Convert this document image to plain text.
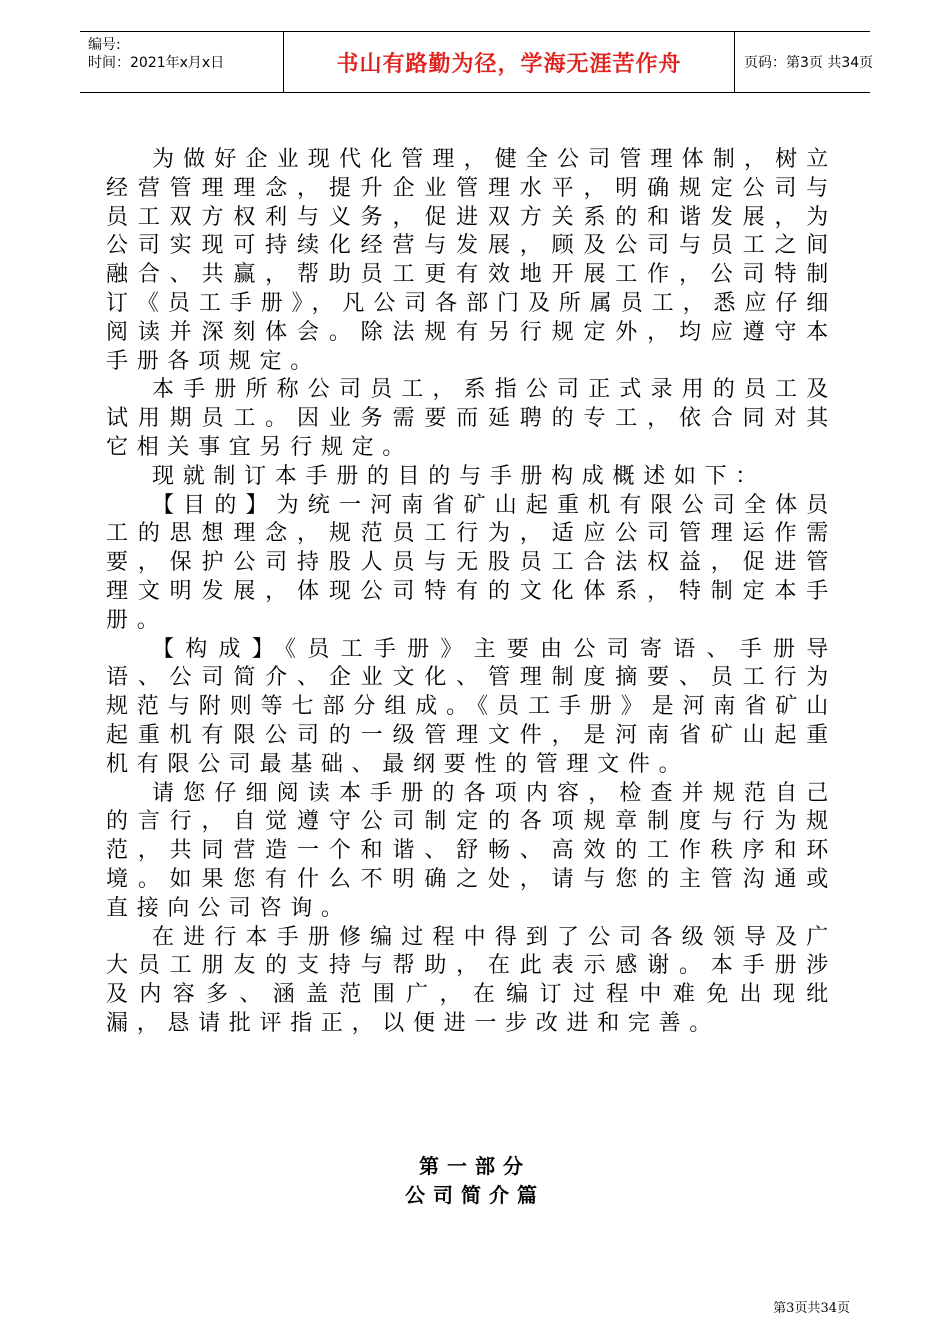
编号:
时间：2021年x月x日	书山有路勤为径，学海无涯苦作舟	页码：第3页 共34页

为做好企业现代化管理，健全公司管理体制，树立经营管理理念，提升企业管理水平，明确规定公司与员工双方权利与义务，促进双方关系的和谐发展，为公司实现可持续化经营与发展，顾及公司与员工之间融合、共赢，帮助员工更有效地开展工作，公司特制订《员工手册》，凡公司各部门及所属员工，悉应仔细阅读并深刻体会。除法规有另行规定外，均应遵守本手册各项规定。

本手册所称公司员工，系指公司正式录用的员工及试用期员工。因业务需要而延聘的专工，依合同对其它相关事宜另行规定。

现就制订本手册的目的与手册构成概述如下：

【目的】为统一河南省矿山起重机有限公司全体员工的思想理念，规范员工行为，适应公司管理运作需要，保护公司持股人员与无股员工合法权益，促进管理文明发展，体现公司特有的文化体系，特制定本手册。

【构成】《员工手册》主要由公司寄语、手册导语、公司简介、企业文化、管理制度摘要、员工行为规范与附则等七部分组成。《员工手册》是河南省矿山起重机有限公司的一级管理文件，是河南省矿山起重机有限公司最基础、最纲要性的管理文件。

请您仔细阅读本手册的各项内容，检查并规范自己的言行，自觉遵守公司制定的各项规章制度与行为规范，共同营造一个和谐、舒畅、高效的工作秩序和环境。如果您有什么不明确之处，请与您的主管沟通或直接向公司咨询。

在进行本手册修编过程中得到了公司各级领导及广大员工朋友的支持与帮助，在此表示感谢。本手册涉及内容多、涵盖范围广，在编订过程中难免出现纰漏，恳请批评指正，以便进一步改进和完善。

第一部分
公司简介篇
第3页共34页
